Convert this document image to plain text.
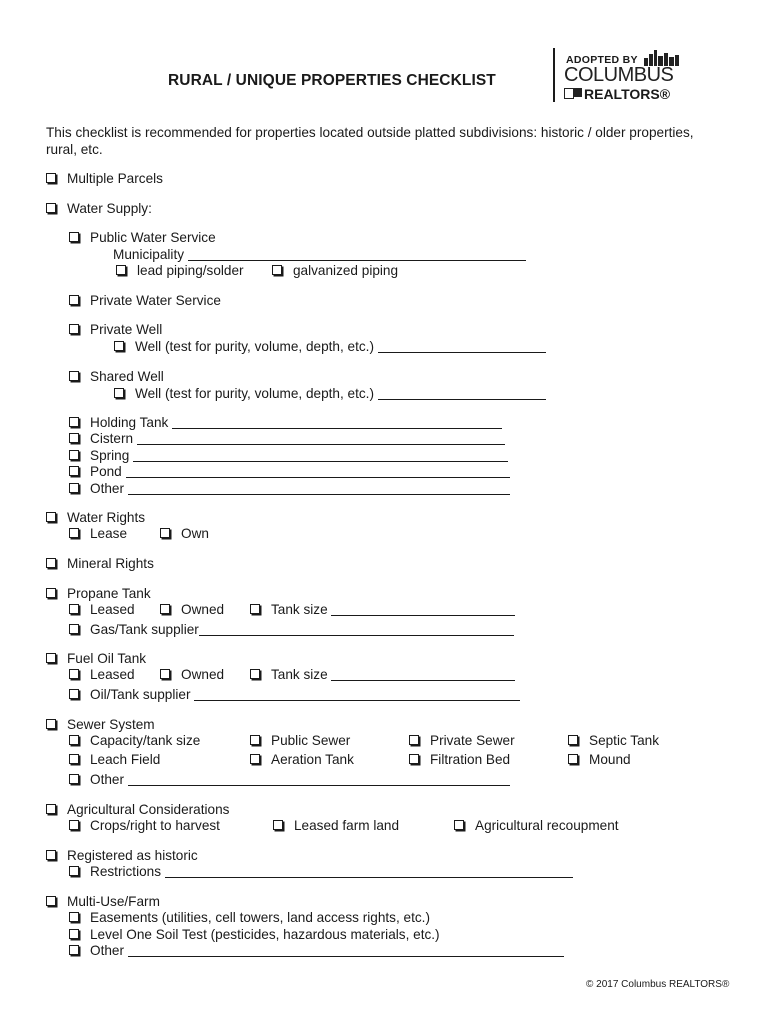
RURAL / UNIQUE PROPERTIES CHECKLIST
ADOPTED BY
COLUMBUS
REALTORS®
This checklist is recommended for properties located outside platted subdivisions: historic / older properties, rural, etc.
Multiple Parcels
Water Supply:
Public Water Service
Municipality
lead piping/solder	galvanized piping
Private Water Service
Private Well
Well (test for purity, volume, depth, etc.)
Shared Well
Well (test for purity, volume, depth, etc.)
Holding Tank
Cistern
Spring
Pond
Other
Water Rights
Lease	Own
Mineral Rights
Propane Tank
Leased	Owned	Tank size
Gas/Tank supplier
Fuel Oil Tank
Leased	Owned	Tank size
Oil/Tank supplier
Sewer System
Capacity/tank size	Public Sewer	Private Sewer	Septic Tank
Leach Field	Aeration Tank	Filtration Bed	Mound
Other
Agricultural Considerations
Crops/right to harvest	Leased farm land	Agricultural recoupment
Registered as historic
Restrictions
Multi-Use/Farm
Easements (utilities, cell towers, land access rights, etc.)
Level One Soil Test (pesticides, hazardous materials, etc.)
Other
© 2017 Columbus REALTORS®
